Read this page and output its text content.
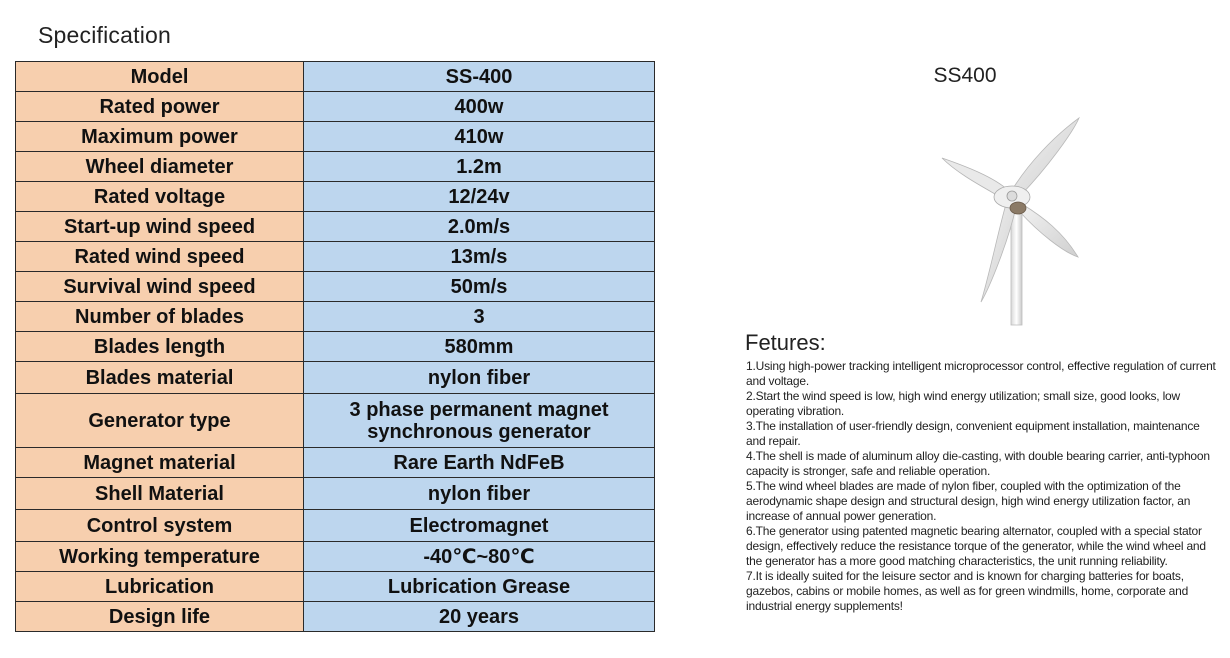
Specification
Model	SS-400
Rated power	400w
Maximum power	410w
Wheel diameter	1.2m
Rated voltage	12/24v
Start-up wind speed	2.0m/s
Rated wind speed	13m/s
Survival wind speed	50m/s
Number of blades	3
Blades length	580mm
Blades material	nylon fiber
Generator type	3 phase permanent magnet synchronous generator
Magnet material	Rare Earth NdFeB
Shell Material	nylon fiber
Control system	Electromagnet
Working temperature	-40℃~80℃
Lubrication	Lubrication Grease
Design life	20 years
SS400
Fetures:
1.Using high-power tracking intelligent microprocessor control, effective regulation of current and voltage.
2.Start the wind speed is low, high wind energy utilization; small size, good looks, low operating vibration.
3.The installation of user-friendly design, convenient equipment installation, maintenance and repair.
4.The shell is made of aluminum alloy die-casting, with double bearing carrier, anti-typhoon capacity is stronger, safe and reliable operation.
5.The wind wheel blades are made of nylon fiber, coupled with the optimization of the aerodynamic shape design and structural design, high wind energy utilization factor, an increase of annual power generation.
6.The generator using patented magnetic bearing alternator, coupled with a special stator design, effectively reduce the resistance torque of the generator, while the wind wheel and the generator has a more good matching characteristics, the unit running reliability.
7.It is ideally suited for the leisure sector and is known for charging batteries for boats, gazebos, cabins or mobile homes, as well as for green windmills, home, corporate and industrial energy supplements!
